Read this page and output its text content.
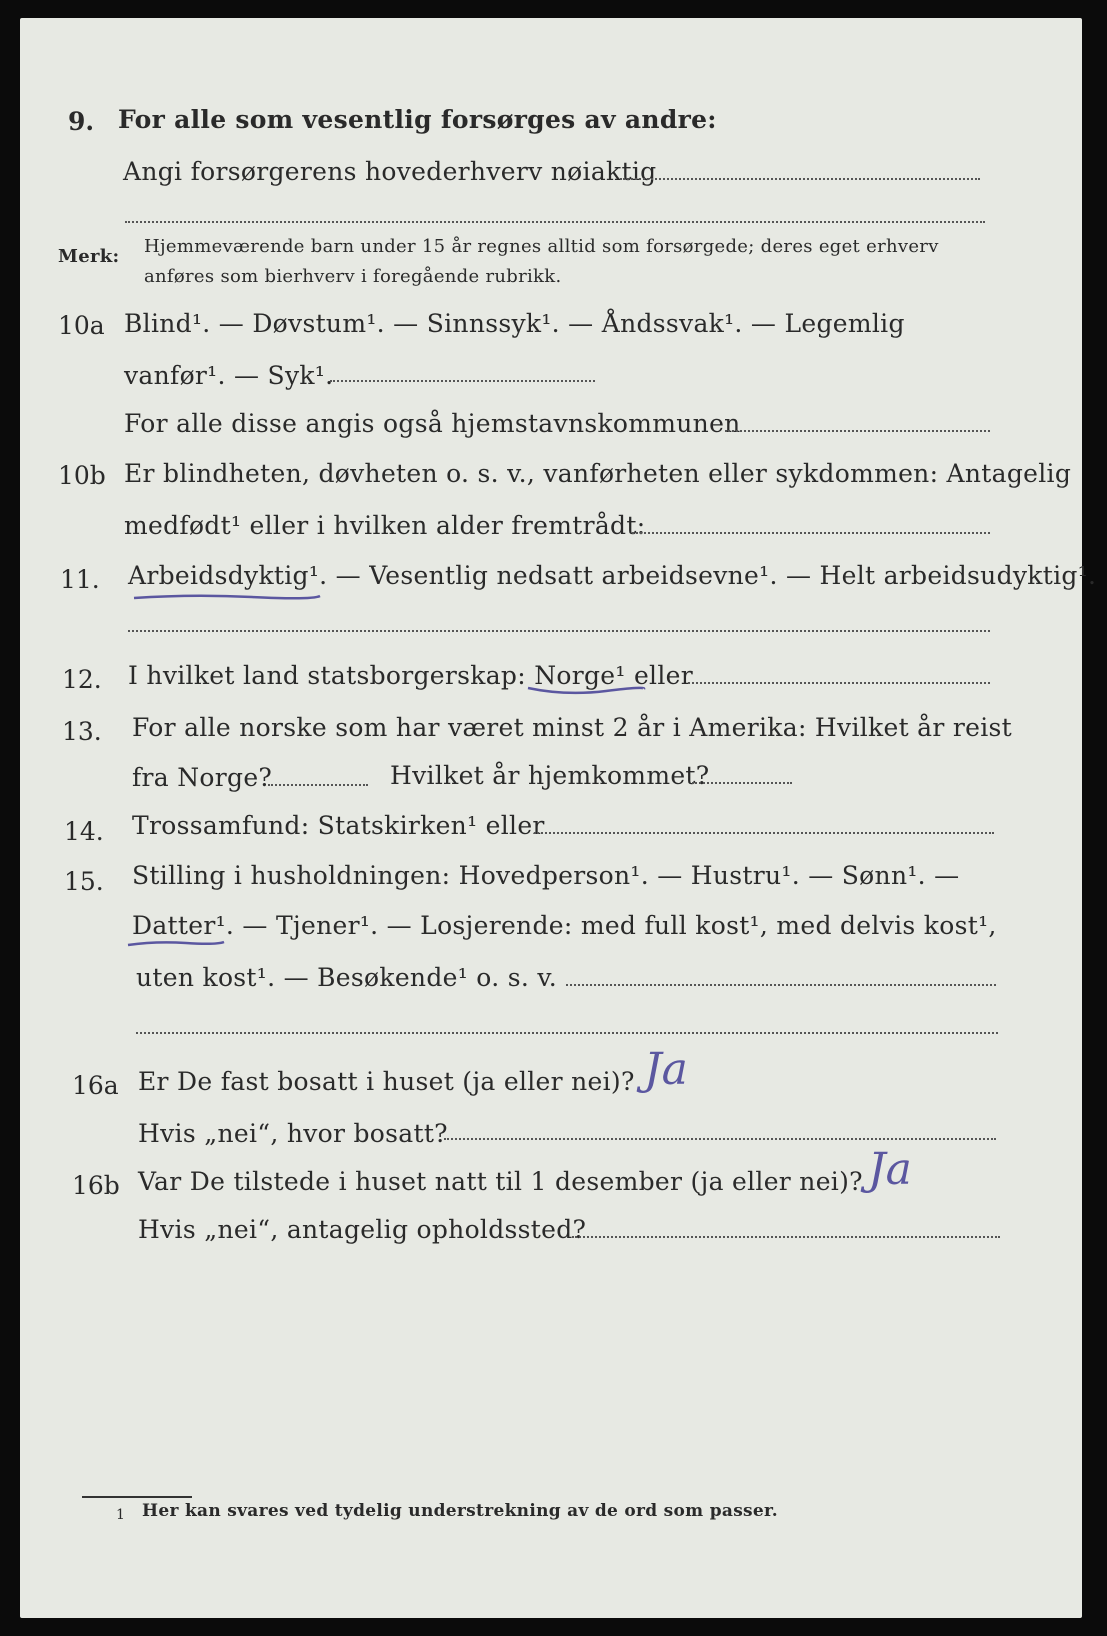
9. For alle som vesentlig forsørges av andre:
Angi forsørgerens hovederhverv nøiaktig
Merk: Hjemmeværende barn under 15 år regnes alltid som forsørgede; deres eget erhverv
anføres som bierhverv i foregående rubrikk.
10a Blind¹. — Døvstum¹. — Sinnssyk¹. — Åndssvak¹. — Legemlig
vanfør¹. — Syk¹.
For alle disse angis også hjemstavnskommunen
10b Er blindheten, døvheten o. s. v., vanførheten eller sykdommen: Antagelig
medfødt¹ eller i hvilken alder fremtrådt:
11. Arbeidsdyktig¹. — Vesentlig nedsatt arbeidsevne¹. — Helt arbeidsudyktig¹.
12. I hvilket land statsborgerskap: Norge¹ eller
13. For alle norske som har været minst 2 år i Amerika: Hvilket år reist
fra Norge?	Hvilket år hjemkommet?
14. Trossamfund: Statskirken¹ eller
15. Stilling i husholdningen: Hovedperson¹. — Hustru¹. — Sønn¹. —
Datter¹. — Tjener¹. — Losjerende: med full kost¹, med delvis kost¹,
uten kost¹. — Besøkende¹ o. s. v.
16a Er De fast bosatt i huset (ja eller nei)? Ja
Hvis „nei“, hvor bosatt?
16b Var De tilstede i huset natt til 1 desember (ja eller nei)? Ja
Hvis „nei“, antagelig opholdssted?
1 Her kan svares ved tydelig understrekning av de ord som passer.
